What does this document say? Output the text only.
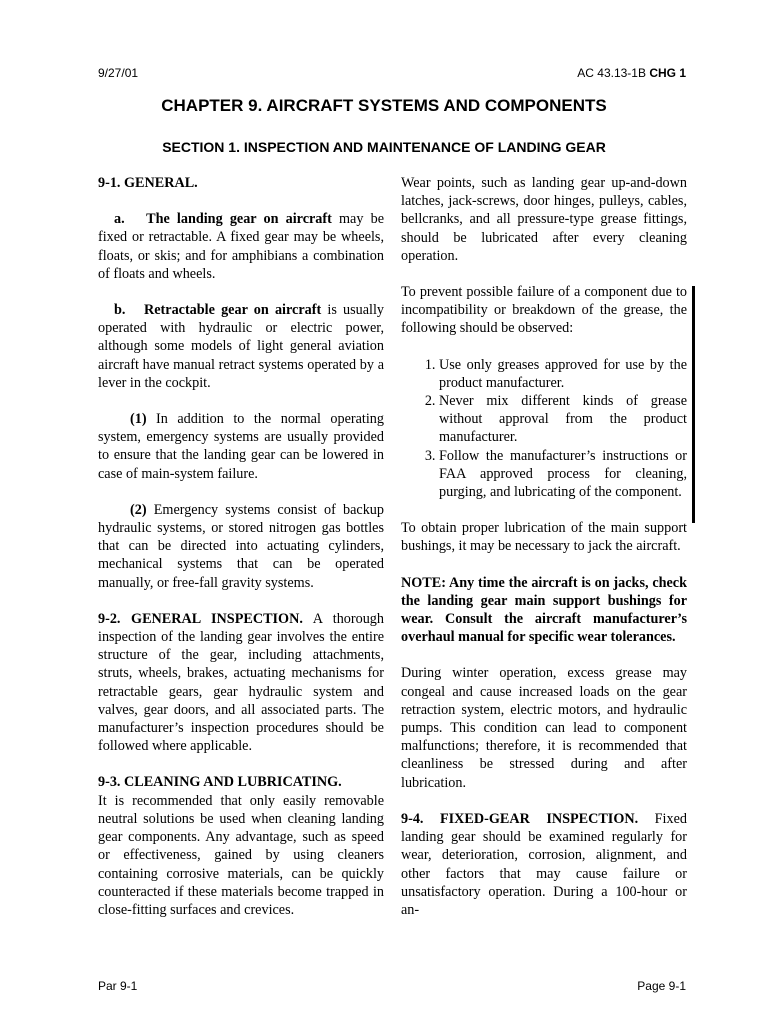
9/27/01	AC 43.13-1B CHG 1
CHAPTER 9. AIRCRAFT SYSTEMS AND COMPONENTS
SECTION 1. INSPECTION AND MAINTENANCE OF LANDING GEAR

9-1. GENERAL.

a. The landing gear on aircraft may be fixed or retractable. A fixed gear may be wheels, floats, or skis; and for amphibians a combination of floats and wheels.

b. Retractable gear on aircraft is usually operated with hydraulic or electric power, although some models of light general aviation aircraft have manual retract systems operated by a lever in the cockpit.

(1) In addition to the normal operating system, emergency systems are usually provided to ensure that the landing gear can be lowered in case of main-system failure.

(2) Emergency systems consist of backup hydraulic systems, or stored nitrogen gas bottles that can be directed into actuating cylinders, mechanical systems that can be operated manually, or free-fall gravity systems.

9-2. GENERAL INSPECTION. A thorough inspection of the landing gear involves the entire structure of the gear, including attachments, struts, wheels, brakes, actuating mechanisms for retractable gears, gear hydraulic system and valves, gear doors, and all associated parts. The manufacturer’s inspection procedures should be followed where applicable.

9-3. CLEANING AND LUBRICATING.
It is recommended that only easily removable neutral solutions be used when cleaning landing gear components. Any advantage, such as speed or effectiveness, gained by using cleaners containing corrosive materials, can be quickly counteracted if these materials become trapped in close-fitting surfaces and crevices.

Wear points, such as landing gear up-and-down latches, jack-screws, door hinges, pulleys, cables, bellcranks, and all pressure-type grease fittings, should be lubricated after every cleaning operation.

To prevent possible failure of a component due to incompatibility or breakdown of the grease, the following should be observed:

1. Use only greases approved for use by the product manufacturer.
2. Never mix different kinds of grease without approval from the product manufacturer.
3. Follow the manufacturer’s instructions or FAA approved process for cleaning, purging, and lubricating of the component.

To obtain proper lubrication of the main support bushings, it may be necessary to jack the aircraft.

NOTE: Any time the aircraft is on jacks, check the landing gear main support bushings for wear. Consult the aircraft manufacturer’s overhaul manual for specific wear tolerances.

During winter operation, excess grease may congeal and cause increased loads on the gear retraction system, electric motors, and hydraulic pumps. This condition can lead to component malfunctions; therefore, it is recommended that cleanliness be stressed during and after lubrication.

9-4. FIXED-GEAR INSPECTION. Fixed landing gear should be examined regularly for wear, deterioration, corrosion, alignment, and other factors that may cause failure or unsatisfactory operation. During a 100-hour or an-

Par 9-1	Page 9-1
